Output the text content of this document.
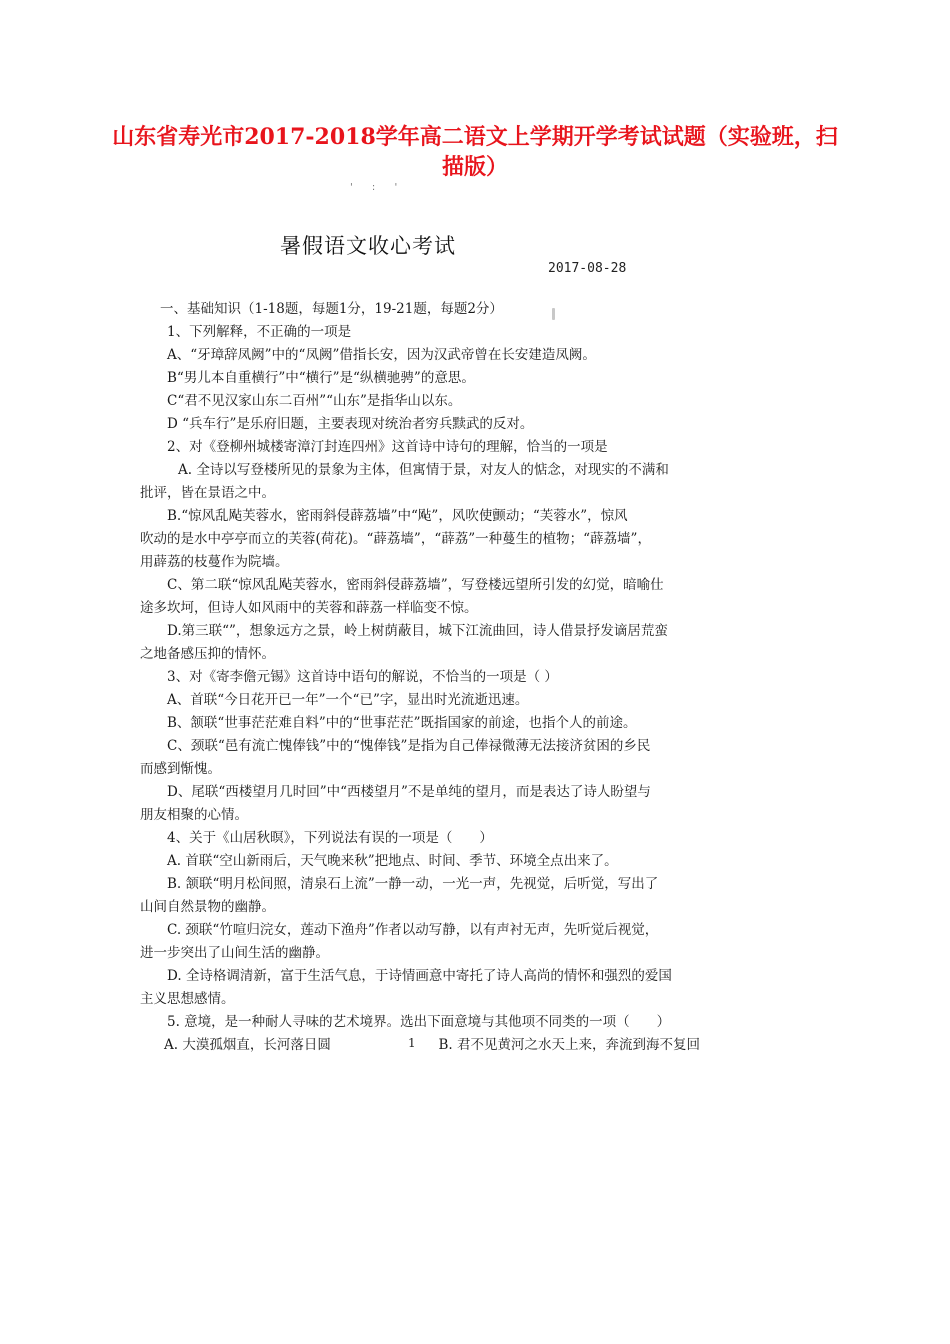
山东省寿光市2017-2018学年高二语文上学期开学考试试题（实验班，扫
描版）
' : '
暑假语文收心考试
2017-08-28
一、基础知识（1-18题，每题1分，19-21题，每题2分）
1、下列解释，不正确的一项是
A、“牙璋辞凤阙”中的“凤阙”借指长安，因为汉武帝曾在长安建造凤阙。
B“男儿本自重横行”中“横行”是“纵横驰骋”的意思。
C“君不见汉家山东二百州”“山东”是指华山以东。
D “兵车行”是乐府旧题，主要表现对统治者穷兵黩武的反对。
2、对《登柳州城楼寄漳汀封连四州》这首诗中诗句的理解，恰当的一项是
A. 全诗以写登楼所见的景象为主体，但寓情于景，对友人的惦念，对现实的不满和
批评，皆在景语之中。
B.“惊风乱飐芙蓉水，密雨斜侵薜荔墙”中“飐”，风吹使颤动；“芙蓉水”，惊风
吹动的是水中亭亭而立的芙蓉(荷花)。“薜荔墙”，“薜荔”一种蔓生的植物；“薜荔墙”，
用薜荔的枝蔓作为院墙。
C、第二联“惊风乱飐芙蓉水，密雨斜侵薜荔墙”，写登楼远望所引发的幻觉，暗喻仕
途多坎坷，但诗人如风雨中的芙蓉和薜荔一样临变不惊。
D.第三联“”，想象远方之景，岭上树荫蔽目，城下江流曲回，诗人借景抒发谪居荒蛮
之地备感压抑的情怀。
3、对《寄李儋元锡》这首诗中语句的解说，不恰当的一项是（ ）
A、首联“今日花开已一年”一个“已”字，显出时光流逝迅速。
B、颔联“世事茫茫难自料”中的“世事茫茫”既指国家的前途，也指个人的前途。
C、颈联“邑有流亡愧俸钱”中的“愧俸钱”是指为自己俸禄微薄无法接济贫困的乡民
而感到惭愧。
D、尾联“西楼望月几时回”中“西楼望月”不是单纯的望月，而是表达了诗人盼望与
朋友相聚的心情。
4、关于《山居秋暝》，下列说法有误的一项是（　　）
A. 首联“空山新雨后，天气晚来秋”把地点、时间、季节、环境全点出来了。
B. 颔联“明月松间照，清泉石上流”一静一动，一光一声，先视觉，后听觉，写出了
山间自然景物的幽静。
C. 颈联“竹喧归浣女，莲动下渔舟”作者以动写静，以有声衬无声，先听觉后视觉，
进一步突出了山间生活的幽静。
D. 全诗格调清新，富于生活气息，于诗情画意中寄托了诗人高尚的情怀和强烈的爱国
主义思想感情。
5. 意境，是一种耐人寻味的艺术境界。选出下面意境与其他项不同类的一项（　　）
A. 大漠孤烟直，长河落日圆	B. 君不见黄河之水天上来，奔流到海不复回
1
